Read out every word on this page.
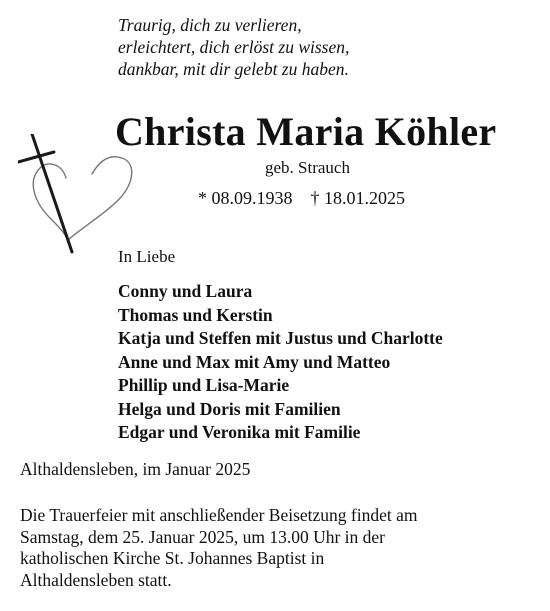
Traurig, dich zu verlieren,
erleichtert, dich erlöst zu wissen,
dankbar, mit dir gelebt zu haben.
Christa Maria Köhler
geb. Strauch
* 08.09.1938 † 18.01.2025
In Liebe
Conny und Laura
Thomas und Kerstin
Katja und Steffen mit Justus und Charlotte
Anne und Max mit Amy und Matteo
Phillip und Lisa-Marie
Helga und Doris mit Familien
Edgar und Veronika mit Familie
Althaldensleben, im Januar 2025
Die Trauerfeier mit anschließender Beisetzung findet am
Samstag, dem 25. Januar 2025, um 13.00 Uhr in der
katholischen Kirche St. Johannes Baptist in
Althaldensleben statt.
